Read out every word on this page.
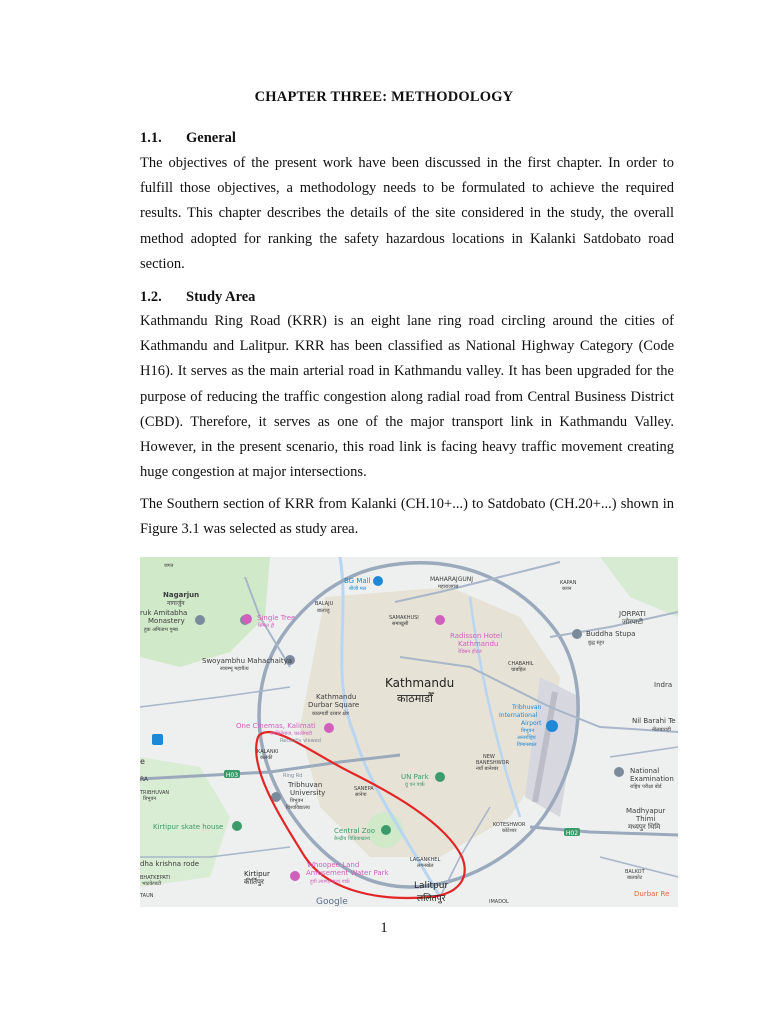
CHAPTER THREE: METHODOLOGY
1.1. General
The objectives of the present work have been discussed in the first chapter. In order to fulfill those objectives, a methodology needs to be formulated to achieve the required results. This chapter describes the details of the site considered in the study, the overall method adopted for ranking the safety hazardous locations in Kalanki Satdobato road section.
1.2. Study Area
Kathmandu Ring Road (KRR) is an eight lane ring road circling around the cities of Kathmandu and Lalitpur. KRR has been classified as National Highway Category (Code H16). It serves as the main arterial road in Kathmandu valley. It has been upgraded for the purpose of reducing the traffic congestion along radial road from Central Business District (CBD). Therefore, it serves as one of the major transport link in Kathmandu Valley. However, in the present scenario, this road link is facing heavy traffic movement creating huge congestion at major intersections.
The Southern section of KRR from Kalanki (CH.10+...) to Satdobato (CH.20+...) shown in Figure 3.1 was selected as study area.
H03
H02
Nagarjun
नागार्जुन
ruk Amitabha
Monastery
हुक अमिताभ गुम्बा
BALAJU
बालाजु
BG Mall
बीजी मल
MAHARAJGUNJ
महाराजगंज
KAPAN
कपन
Single Tree
सिंगल ट्री
SAMAKHUSI
समाखुसी
Radisson Hotel
Kathmandu
रेडिसन होटल
JORPATI
जोरपाटी
Buddha Stupa
बुद्ध स्तूप
Swoyambhu Mahachaitya
स्वयम्भू महाचैत्य
CHABAHIL
चाबहिल
Kathmandu
काठमाडौँ
Indra
Kathmandu
Durbar Square
काठमाडौं दरबार क्षेत्र
One Cinemas, Kalimati
वनसिनेमाज, कालीमाटी
Recently viewed
Tribhuvan
International
Airport
त्रिभुवन
अन्तर्राष्ट्रिय
विमानस्थल
Nil Barahi Te
नीलबाराही
KALANKI
कलंकी	NEW
BANESHWOR
नयाँ बानेश्वर
RA
e
Tribhuvan
University
त्रिभुवन
विश्वविद्यालय
TRIBHUVAN
त्रिभुवन
SANEPA
सानेपा
UN Park
यु एन पार्क
National
Examination
राष्ट्रिय परीक्षा बोर्ड
Ring Rd
Madhyapur
Thimi
मध्यपुर थिमि
Kirtipur skate house	Central Zoo
केन्द्रीय चिडियाखाना
KOTESHWOR
कोटेश्वर
dha krishna rode
BHATKEPATI
भाटकेपाटी
Kirtipur
कीर्तिपुर
Whoopee Land
Amusement Water Park
हुपी ल्याण्ड वाटर पार्क
LAGANKHEL
लगनखेल
BALKOT
बालकोट
Lalitpur
ललितपुर
TAUN
Google	IMADOL
Durbar Re
जगत
1
